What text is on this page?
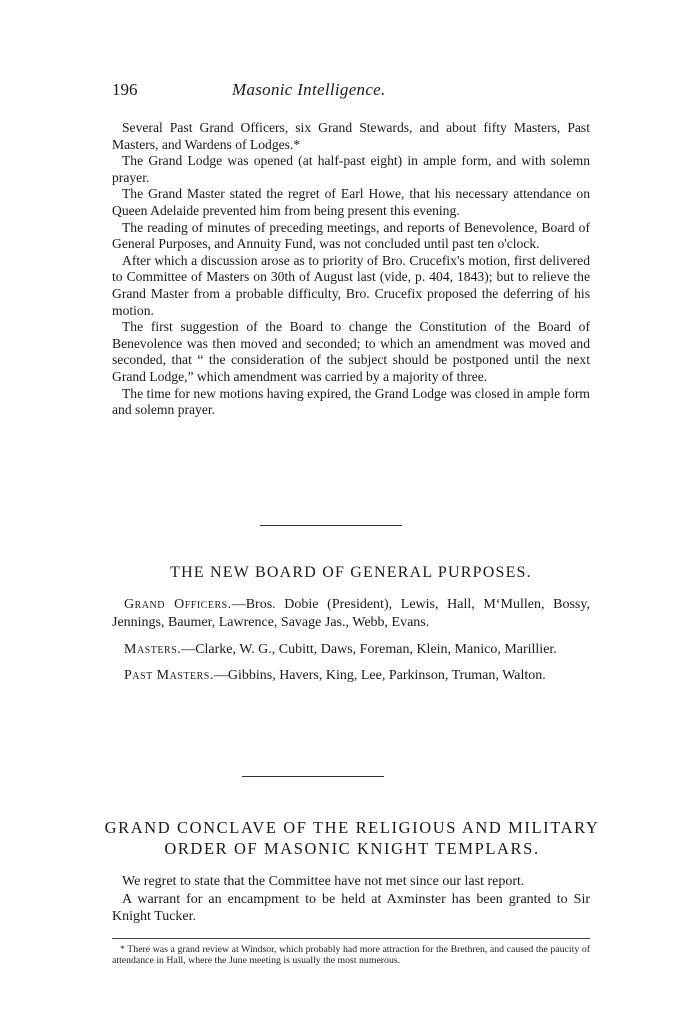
196	Masonic Intelligence.

Several Past Grand Officers, six Grand Stewards, and about fifty Masters, Past Masters, and Wardens of Lodges.*

The Grand Lodge was opened (at half-past eight) in ample form, and with solemn prayer.

The Grand Master stated the regret of Earl Howe, that his necessary attendance on Queen Adelaide prevented him from being present this evening.

The reading of minutes of preceding meetings, and reports of Benevolence, Board of General Purposes, and Annuity Fund, was not concluded until past ten o'clock.

After which a discussion arose as to priority of Bro. Crucefix's motion, first delivered to Committee of Masters on 30th of August last (vide, p. 404, 1843); but to relieve the Grand Master from a probable difficulty, Bro. Crucefix proposed the deferring of his motion.

The first suggestion of the Board to change the Constitution of the Board of Benevolence was then moved and seconded; to which an amendment was moved and seconded, that “ the consideration of the subject should be postponed until the next Grand Lodge,” which amendment was carried by a majority of three.

The time for new motions having expired, the Grand Lodge was closed in ample form and solemn prayer.

THE NEW BOARD OF GENERAL PURPOSES.

Grand Officers.—Bros. Dobie (President), Lewis, Hall, M‘Mullen, Bossy, Jennings, Baumer, Lawrence, Savage Jas., Webb, Evans.

Masters.—Clarke, W. G., Cubitt, Daws, Foreman, Klein, Manico, Marillier.

Past Masters.—Gibbins, Havers, King, Lee, Parkinson, Truman, Walton.

GRAND CONCLAVE OF THE RELIGIOUS AND MILITARY
ORDER OF MASONIC KNIGHT TEMPLARS.

We regret to state that the Committee have not met since our last report.

A warrant for an encampment to be held at Axminster has been granted to Sir Knight Tucker.

* There was a grand review at Windsor, which probably had more attraction for the Brethren, and caused the paucity of attendance in Hall, where the June meeting is usually the most numerous.
